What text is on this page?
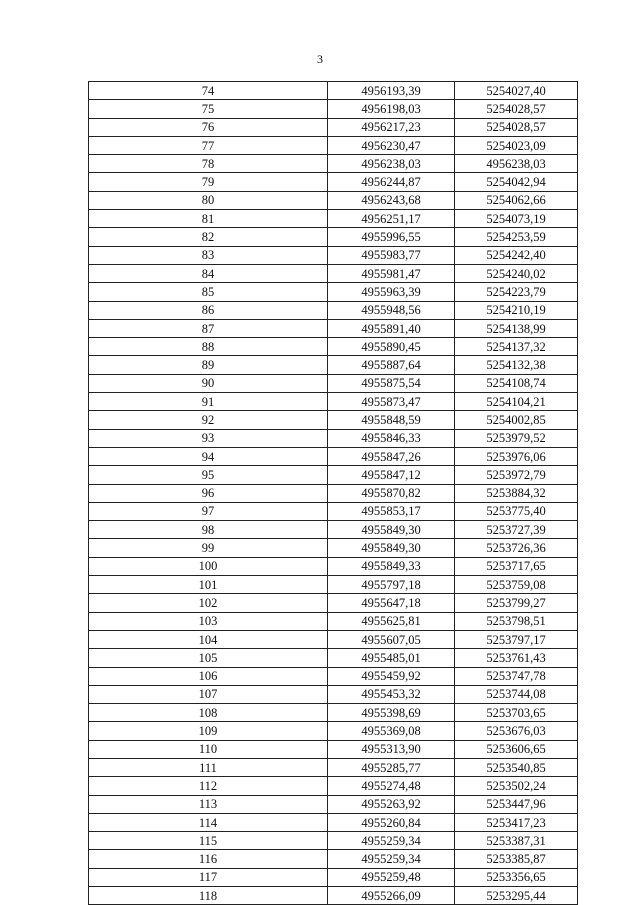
3
74	4956193,39	5254027,40
75	4956198,03	5254028,57
76	4956217,23	5254028,57
77	4956230,47	5254023,09
78	4956238,03	4956238,03
79	4956244,87	5254042,94
80	4956243,68	5254062,66
81	4956251,17	5254073,19
82	4955996,55	5254253,59
83	4955983,77	5254242,40
84	4955981,47	5254240,02
85	4955963,39	5254223,79
86	4955948,56	5254210,19
87	4955891,40	5254138,99
88	4955890,45	5254137,32
89	4955887,64	5254132,38
90	4955875,54	5254108,74
91	4955873,47	5254104,21
92	4955848,59	5254002,85
93	4955846,33	5253979,52
94	4955847,26	5253976,06
95	4955847,12	5253972,79
96	4955870,82	5253884,32
97	4955853,17	5253775,40
98	4955849,30	5253727,39
99	4955849,30	5253726,36
100	4955849,33	5253717,65
101	4955797,18	5253759,08
102	4955647,18	5253799,27
103	4955625,81	5253798,51
104	4955607,05	5253797,17
105	4955485,01	5253761,43
106	4955459,92	5253747,78
107	4955453,32	5253744,08
108	4955398,69	5253703,65
109	4955369,08	5253676,03
110	4955313,90	5253606,65
111	4955285,77	5253540,85
112	4955274,48	5253502,24
113	4955263,92	5253447,96
114	4955260,84	5253417,23
115	4955259,34	5253387,31
116	4955259,34	5253385,87
117	4955259,48	5253356,65
118	4955266,09	5253295,44
